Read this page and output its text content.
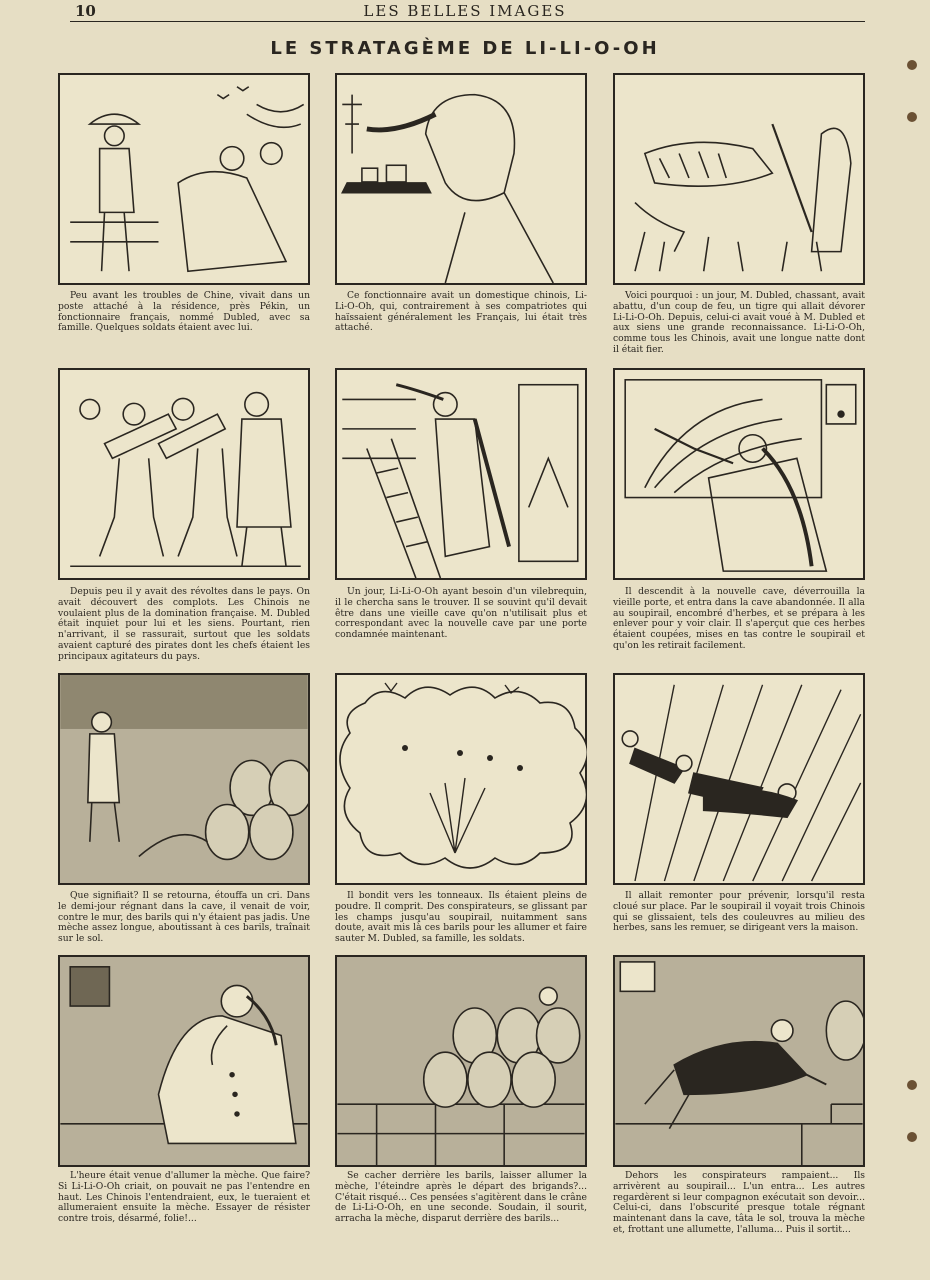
10	LES BELLES IMAGES
LE STRATAGÈME DE LI-LI-O-OH

Peu avant les troubles de Chine, vivait dans un poste attaché à la résidence, près Pékin, un fonctionnaire français, nommé Dubled, avec sa famille. Quelques soldats étaient avec lui.

Ce fonctionnaire avait un domestique chinois, Li-Li-O-Oh, qui, contrairement à ses compatriotes qui haïssaient généralement les Français, lui était très attaché.

Voici pourquoi : un jour, M. Dubled, chassant, avait abattu, d'un coup de feu, un tigre qui allait dévorer Li-Li-O-Oh. Depuis, celui-ci avait voué à M. Dubled et aux siens une grande reconnaissance. Li-Li-O-Oh, comme tous les Chinois, avait une longue natte dont il était fier.

Depuis peu il y avait des révoltes dans le pays. On avait découvert des complots. Les Chinois ne voulaient plus de la domination française. M. Dubled était inquiet pour lui et les siens. Pourtant, rien n'arrivant, il se rassurait, surtout que les soldats avaient capturé des pirates dont les chefs étaient les principaux agitateurs du pays.

Un jour, Li-Li-O-Oh ayant besoin d'un vilebrequin, il le chercha sans le trouver. Il se souvint qu'il devait être dans une vieille cave qu'on n'utilisait plus et correspondant avec la nouvelle cave par une porte condamnée maintenant.

Il descendit à la nouvelle cave, déverrouilla la vieille porte, et entra dans la cave abandonnée. Il alla au soupirail, encombré d'herbes, et se prépara à les enlever pour y voir clair. Il s'aperçut que ces herbes étaient coupées, mises en tas contre le soupirail et qu'on les retirait facilement.

Que signifiait? Il se retourna, étouffa un cri. Dans le demi-jour régnant dans la cave, il venait de voir, contre le mur, des barils qui n'y étaient pas jadis. Une mèche assez longue, aboutissant à ces barils, traînait sur le sol.

Il bondit vers les tonneaux. Ils étaient pleins de poudre. Il comprit. Des conspirateurs, se glissant par les champs jusqu'au soupirail, nuitamment sans doute, avait mis là ces barils pour les allumer et faire sauter M. Dubled, sa famille, les soldats.

Il allait remonter pour prévenir, lorsqu'il resta cloué sur place. Par le soupirail il voyait trois Chinois qui se glissaient, tels des couleuvres au milieu des herbes, sans les remuer, se dirigeant vers la maison.

L'heure était venue d'allumer la mèche. Que faire? Si Li-Li-O-Oh criait, on pouvait ne pas l'entendre en haut. Les Chinois l'entendraient, eux, le tueraient et allumeraient ensuite la mèche. Essayer de résister contre trois, désarmé, folie!...

Se cacher derrière les barils, laisser allumer la mèche, l'éteindre après le départ des brigands?... C'était risqué... Ces pensées s'agitèrent dans le crâne de Li-Li-O-Oh, en une seconde. Soudain, il sourit, arracha la mèche, disparut derrière des barils...

Dehors les conspirateurs rampaient... Ils arrivèrent au soupirail... L'un entra... Les autres regardèrent si leur compagnon exécutait son devoir... Celui-ci, dans l'obscurité presque totale régnant maintenant dans la cave, tâta le sol, trouva la mèche et, frottant une allumette, l'alluma... Puis il sortit...
